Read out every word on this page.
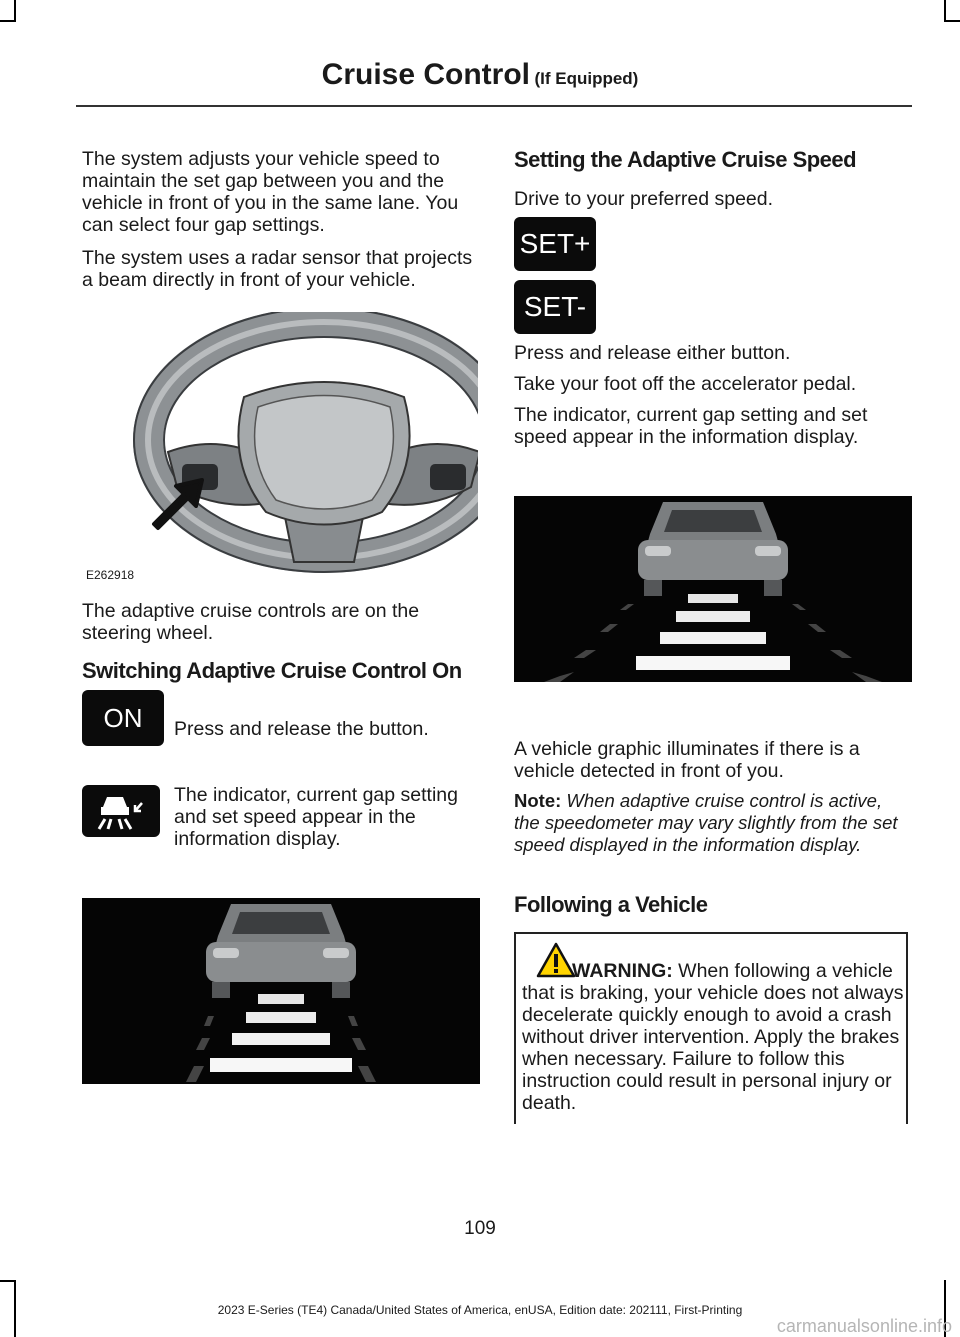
Cruise Control (If Equipped)

The system adjusts your vehicle speed to maintain the set gap between you and the vehicle in front of you in the same lane. You can select four gap settings.

The system uses a radar sensor that projects a beam directly in front of your vehicle.

E262918

The adaptive cruise controls are on the steering wheel.

Switching Adaptive Cruise Control On
ON Press and release the button.

The indicator, current gap setting and set speed appear in the information display.

Setting the Adaptive Cruise Speed

Drive to your preferred speed.

SET+
SET-

Press and release either button.

Take your foot off the accelerator pedal.

The indicator, current gap setting and set speed appear in the information display.

A vehicle graphic illuminates if there is a vehicle detected in front of you.

Note: When adaptive cruise control is active, the speedometer may vary slightly from the set speed displayed in the information display.

Following a Vehicle

WARNING: When following a vehicle that is braking, your vehicle does not always decelerate quickly enough to avoid a crash without driver intervention. Apply the brakes when necessary. Failure to follow this instruction could result in personal injury or death.

109
2023 E-Series (TE4) Canada/United States of America, enUSA, Edition date: 202111, First-Printing
carmanualsonline.info
